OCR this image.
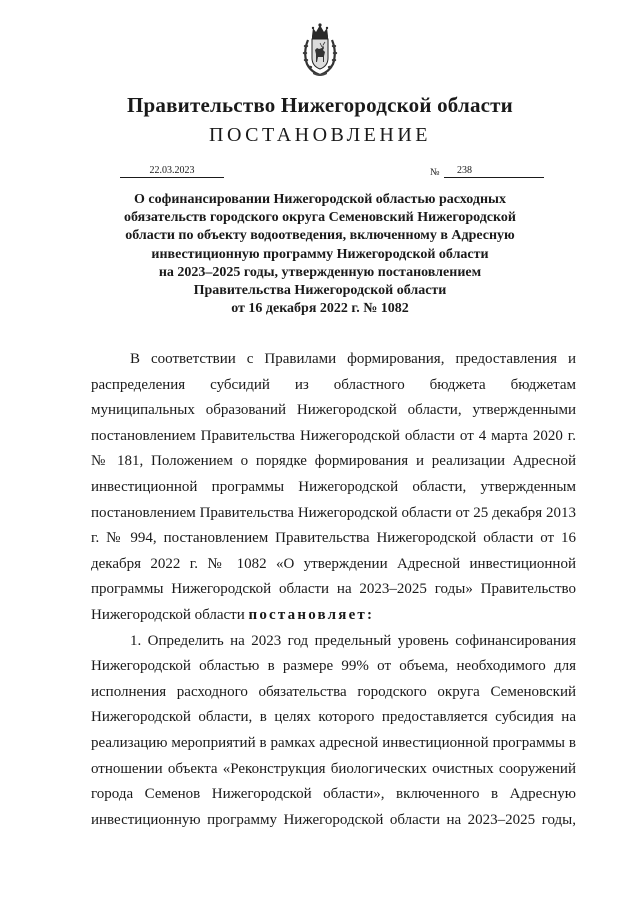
Правительство Нижегородской области
ПОСТАНОВЛЕНИЕ
22.03.2023	№	238
О софинансировании Нижегородской областью расходных
обязательств городского округа Семеновский Нижегородской
области по объекту водоотведения, включенному в Адресную
инвестиционную программу Нижегородской области
на 2023–2025 годы, утвержденную постановлением
Правительства Нижегородской области
от 16 декабря 2022 г. № 1082

В соответствии с Правилами формирования, предоставления и распределения субсидий из областного бюджета бюджетам муниципальных образований Нижегородской области, утвержденными постановлением Правительства Нижегородской области от 4 марта 2020 г. № 181, Положением о порядке формирования и реализации Адресной инвестиционной программы Нижегородской области, утвержденным постановлением Правительства Нижегородской области от 25 декабря 2013 г. № 994, постановлением Правительства Нижегородской области от 16 декабря 2022 г. № 1082 «О утверждении Адресной инвестиционной программы Нижегородской области на 2023–2025 годы» Правительство Нижегородской области постановляет:

1. Определить на 2023 год предельный уровень софинансирования Нижегородской областью в размере 99% от объема, необходимого для исполнения расходного обязательства городского округа Семеновский Нижегородской области, в целях которого предоставляется субсидия на реализацию мероприятий в рамках адресной инвестиционной программы в отношении объекта «Реконструкция биологических очистных сооружений города Семенов Нижегородской области», включенного в Адресную инвестиционную программу Нижегородской области на 2023–2025 годы,
